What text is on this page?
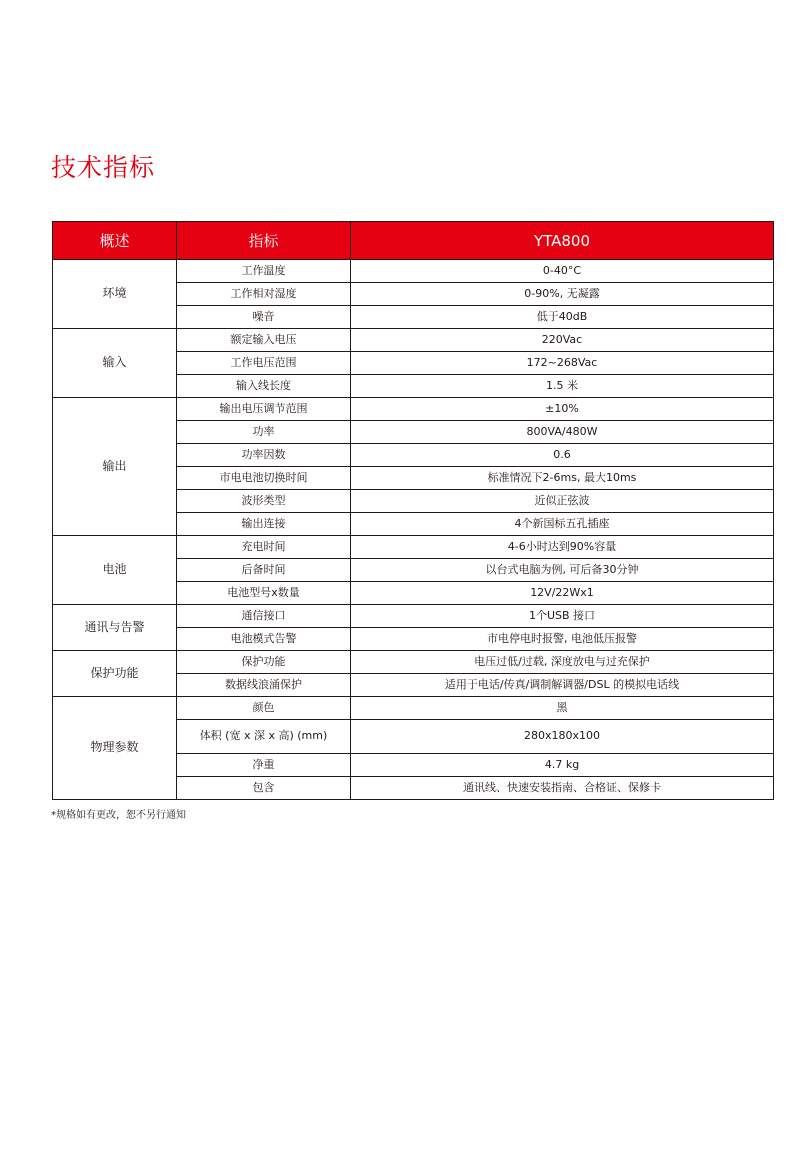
技术指标
概述	指标	YTA800
环境	工作温度	0-40°C
	工作相对湿度	0-90%, 无凝露
	噪音	低于40dB
输入	额定输入电压	220Vac
	工作电压范围	172~268Vac
	输入线长度	1.5 米
输出	输出电压调节范围	±10%
	功率	800VA/480W
	功率因数	0.6
	市电电池切换时间	标准情况下2-6ms, 最大10ms
	波形类型	近似正弦波
	输出连接	4个新国标五孔插座
电池	充电时间	4-6小时达到90%容量
	后备时间	以台式电脑为例, 可后备30分钟
	电池型号x数量	12V/22Wx1
通讯与告警	通信接口	1个USB 接口
	电池模式告警	市电停电时报警, 电池低压报警
保护功能	保护功能	电压过低/过载, 深度放电与过充保护
	数据线浪涌保护	适用于电话/传真/调制解调器/DSL 的模拟电话线
物理参数	颜色	黑
	体积 (宽 x 深 x 高) (mm)	280x180x100
	净重	4.7 kg
	包含	通讯线、快速安装指南、合格证、保修卡
*规格如有更改，恕不另行通知
